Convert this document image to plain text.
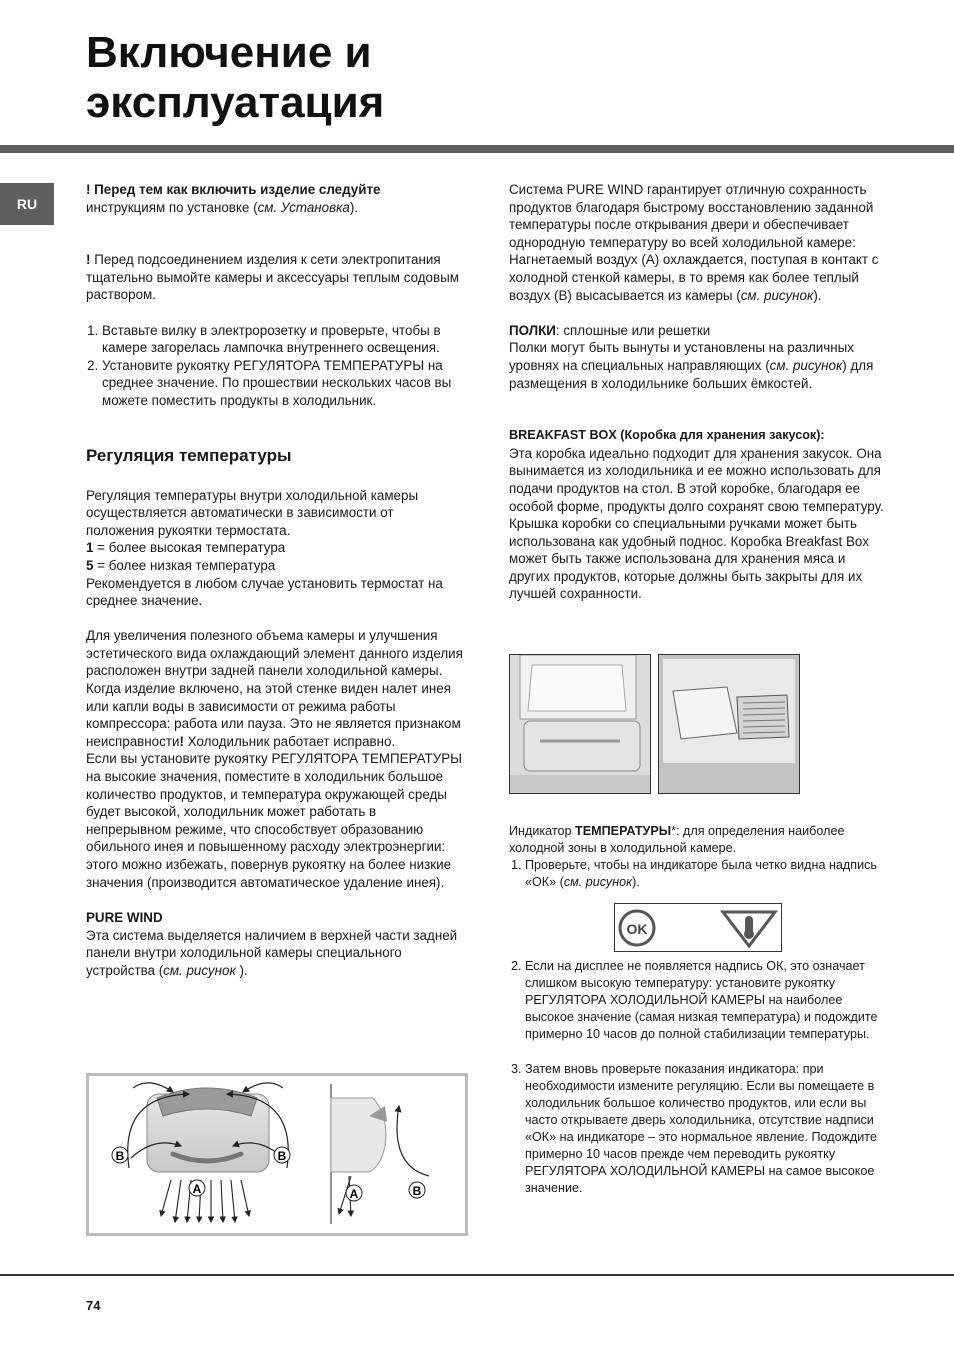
Включение и
эксплуатация
RU

! Перед тем как включить изделие следуйте
инструкциям по установке (см. Установка).

! Перед подсоединением изделия к сети электропитания тщательно вымойте камеры и аксессуары теплым содовым раствором.

1. Вставьте вилку в электророзетку и проверьте, чтобы в камере загорелась лампочка внутреннего освещения.
2. Установите рукоятку РЕГУЛЯТОРА ТЕМПЕРАТУРЫ на среднее значение. По прошествии нескольких часов вы можете поместить продукты в холодильник.
Регуляция температуры

Регуляция температуры внутри холодильной камеры осуществляется автоматически в зависимости от положения рукоятки термостата.

1 = более высокая температура

5 = более низкая температура

Рекомендуется в любом случае установить термостат на среднее значение.

Для увеличения полезного объема камеры и улучшения эстетического вида охлаждающий элемент данного изделия расположен внутри задней панели холодильной камеры. Когда изделие включено, на этой стенке виден налет инея или капли воды в зависимости от режима работы компрессора: работа или пауза. Это не является признаком неисправности! Холодильник работает исправно.

Если вы установите рукоятку РЕГУЛЯТОРА ТЕМПЕРАТУРЫ на высокие значения, поместите в холодильник большое количество продуктов, и температура окружающей среды будет высокой, холодильник может работать в непрерывном режиме, что способствует образованию обильного инея и повышенному расходу электроэнергии: этого можно избежать, повернув рукоятку на более низкие значения (производится автоматическое удаление инея).

PURE WIND

Эта система выделяется наличием в верхней части задней панели внутри холодильной камеры специального устройства (см. рисунок ).

B	B
A	A	B

Система PURE WIND гарантирует отличную сохранность продуктов благодаря быстрому восстановлению заданной температуры после открывания двери и обеспечивает однородную температуру во всей холодильной камере: Нагнетаемый воздух (A) охлаждается, поступая в контакт с холодной стенкой камеры, в то время как более теплый воздух (B) высасывается из камеры (см. рисунок).

ПОЛКИ: сплошные или решетки

Полки могут быть вынуты и установлены на различных уровнях на специальных направляющих (см. рисунок) для размещения в холодильнике больших ёмкостей.

BREAKFAST BOX (Коробка для хранения закусок):

Эта коробка идеально подходит для хранения закусок. Она вынимается из холодильника и ее можно использовать для подачи продуктов на стол. В этой коробке, благодаря ее особой форме, продукты долго сохранят свою температуру. Крышка коробки со специальными ручками может быть использована как удобный поднос. Коробка Breakfast Box может быть также использована для хранения мяса и других продуктов, которые должны быть закрыты для их лучшей сохранности.

Индикатор ТЕМПЕРАТУРЫ*: для определения наиболее холодной зоны в холодильной камере.

1. Проверьте, чтобы на индикаторе была четко видна надпись «ОК» (см. рисунок).
OK
2. Если на дисплее не появляется надпись ОК, это означает слишком высокую температуру: установите рукоятку РЕГУЛЯТОРА ХОЛОДИЛЬНОЙ КАМЕРЫ на наиболее высокое значение (самая низкая температура) и подождите примерно 10 часов до полной стабилизации температуры.
3. Затем вновь проверьте показания индикатора: при необходимости измените регуляцию. Если вы помещаете в холодильник большое количество продуктов, или если вы часто открываете дверь холодильника, отсутствие надписи «ОК» на индикаторе – это нормальное явление. Подождите примерно 10 часов прежде чем переводить рукоятку РЕГУЛЯТОРА ХОЛОДИЛЬНОЙ КАМЕРЫ на самое высокое значение.
74
